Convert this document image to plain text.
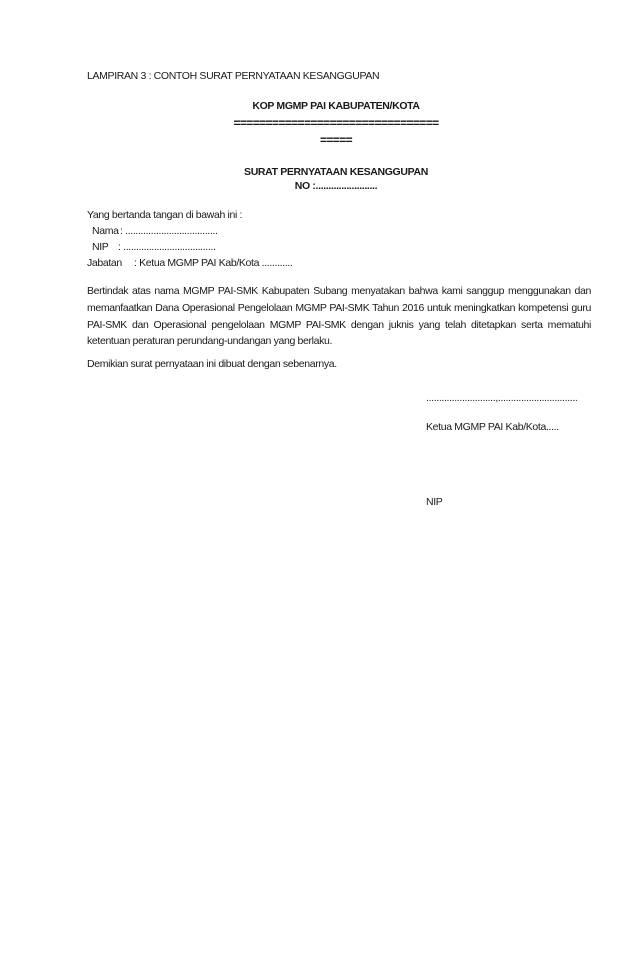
LAMPIRAN 3 : CONTOH SURAT PERNYATAAN KESANGGUPAN
KOP MGMP PAI KABUPATEN/KOTA
================================
=====
SURAT PERNYATAAN KESANGGUPAN
NO :........................
Yang bertanda tangan di bawah ini :
Nama: ....................................
NIP : ....................................
Jabatan : Ketua MGMP PAI Kab/Kota ............
Bertindak atas nama MGMP PAI-SMK Kabupaten Subang menyatakan bahwa kami sanggup menggunakan dan memanfaatkan Dana Operasional Pengelolaan MGMP PAI-SMK Tahun 2016 untuk meningkatkan kompetensi guru PAI-SMK dan Operasional pengelolaan MGMP PAI-SMK dengan juknis yang telah ditetapkan serta mematuhi ketentuan peraturan perundang-undangan yang berlaku.
Demikian surat pernyataan ini dibuat dengan sebenarnya.
...........................,...............................
Ketua MGMP PAI Kab/Kota.....
NIP
